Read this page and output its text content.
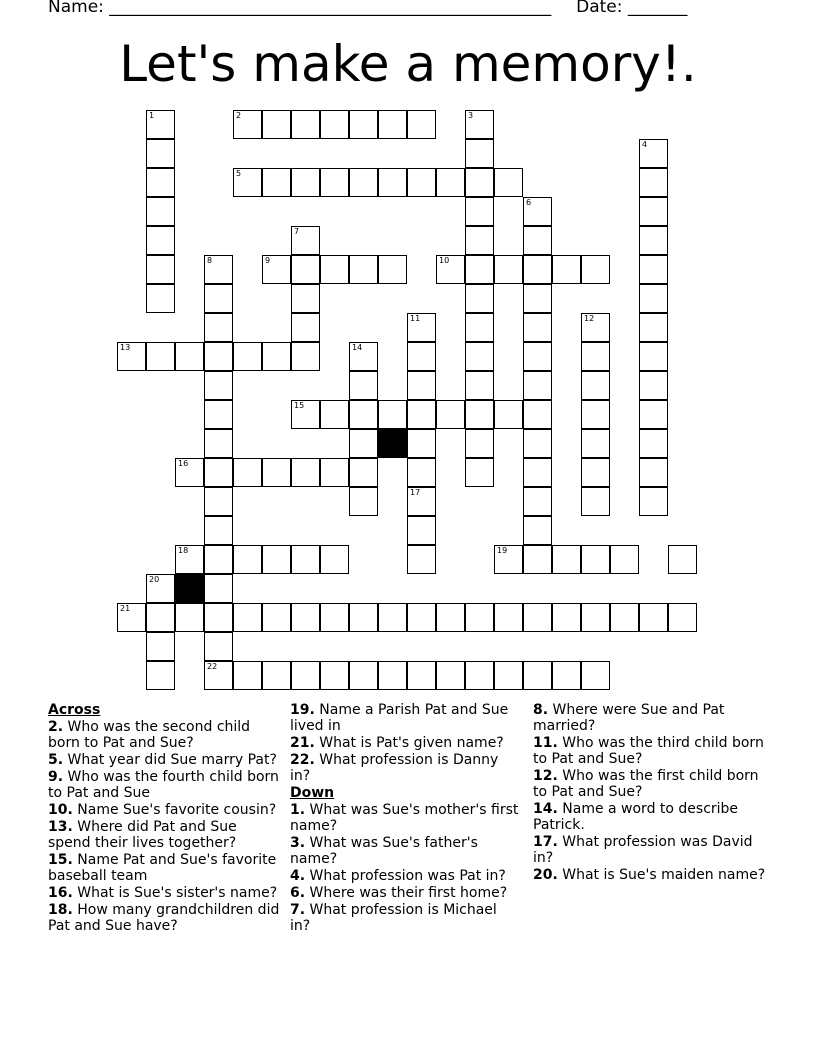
Name: ____________________________________________________ Date: _______
Let's make a memory!.
1	2	3
4
5
6
7
8	9	10
11	12
13	14
15
16
17
18	19
20
21
22
Across
2. Who was the second child born to Pat and Sue?
5. What year did Sue marry Pat?
9. Who was the fourth child born to Pat and Sue
10. Name Sue's favorite cousin?
13. Where did Pat and Sue spend their lives together?
15. Name Pat and Sue's favorite baseball team
16. What is Sue's sister's name?
18. How many grandchildren did Pat and Sue have?
19. Name a Parish Pat and Sue lived in
21. What is Pat's given name?
22. What profession is Danny in?
Down
1. What was Sue's mother's first name?
3. What was Sue's father's name?
4. What profession was Pat in?
6. Where was their first home?
7. What profession is Michael in?
8. Where were Sue and Pat married?
11. Who was the third child born to Pat and Sue?
12. Who was the first child born to Pat and Sue?
14. Name a word to describe Patrick.
17. What profession was David in?
20. What is Sue's maiden name?
